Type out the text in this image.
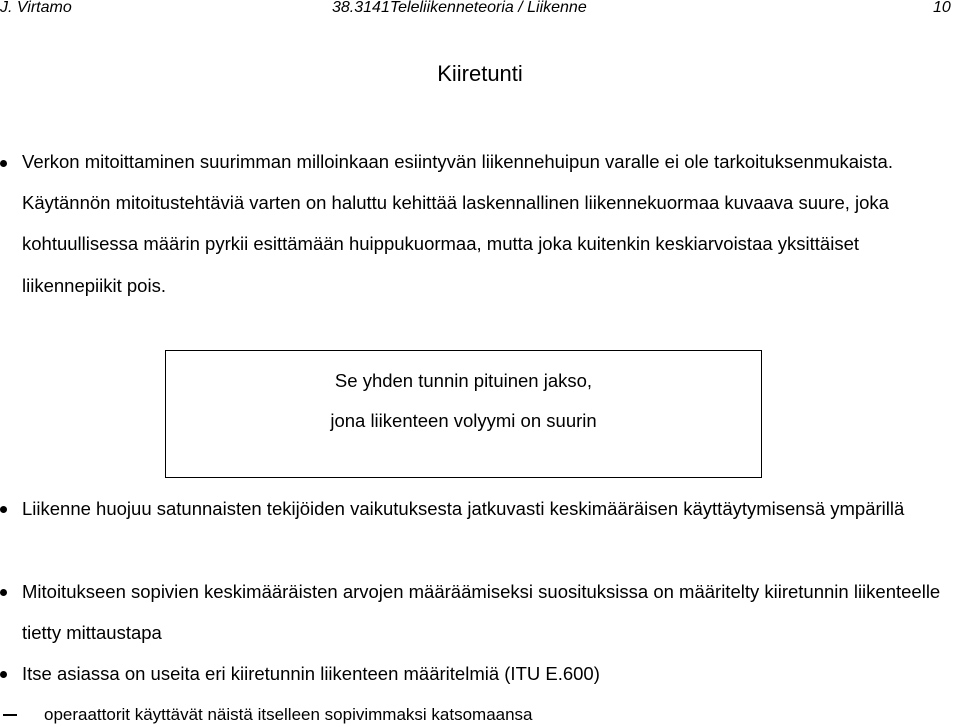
J. Virtamo	38.3141Teleliikenneteoria / Liikenne	10
Kiiretunti
Verkon mitoittaminen suurimman milloinkaan esiintyvän liikennehuipun varalle ei ole tarkoituksenmukaista. Käytännön mitoitustehtäviä varten on haluttu kehittää laskennallinen liikennekuormaa kuvaava suure, joka kohtuullisessa määrin pyrkii esittämään huippukuormaa, mutta joka kuitenkin keskiarvoistaa yksittäiset liikennepiikit pois.
Se yhden tunnin pituinen jakso,
jona liikenteen volyymi on suurin
Liikenne huojuu satunnaisten tekijöiden vaikutuksesta jatkuvasti keskimääräisen käyttäytymisensä ympärillä
Mitoitukseen sopivien keskimääräisten arvojen määräämiseksi suosituksissa on määritelty kiiretunnin liikenteelle tietty mittaustapa
Itse asiassa on useita eri kiiretunnin liikenteen määritelmiä (ITU E.600)
operaattorit käyttävät näistä itselleen sopivimmaksi katsomaansa
